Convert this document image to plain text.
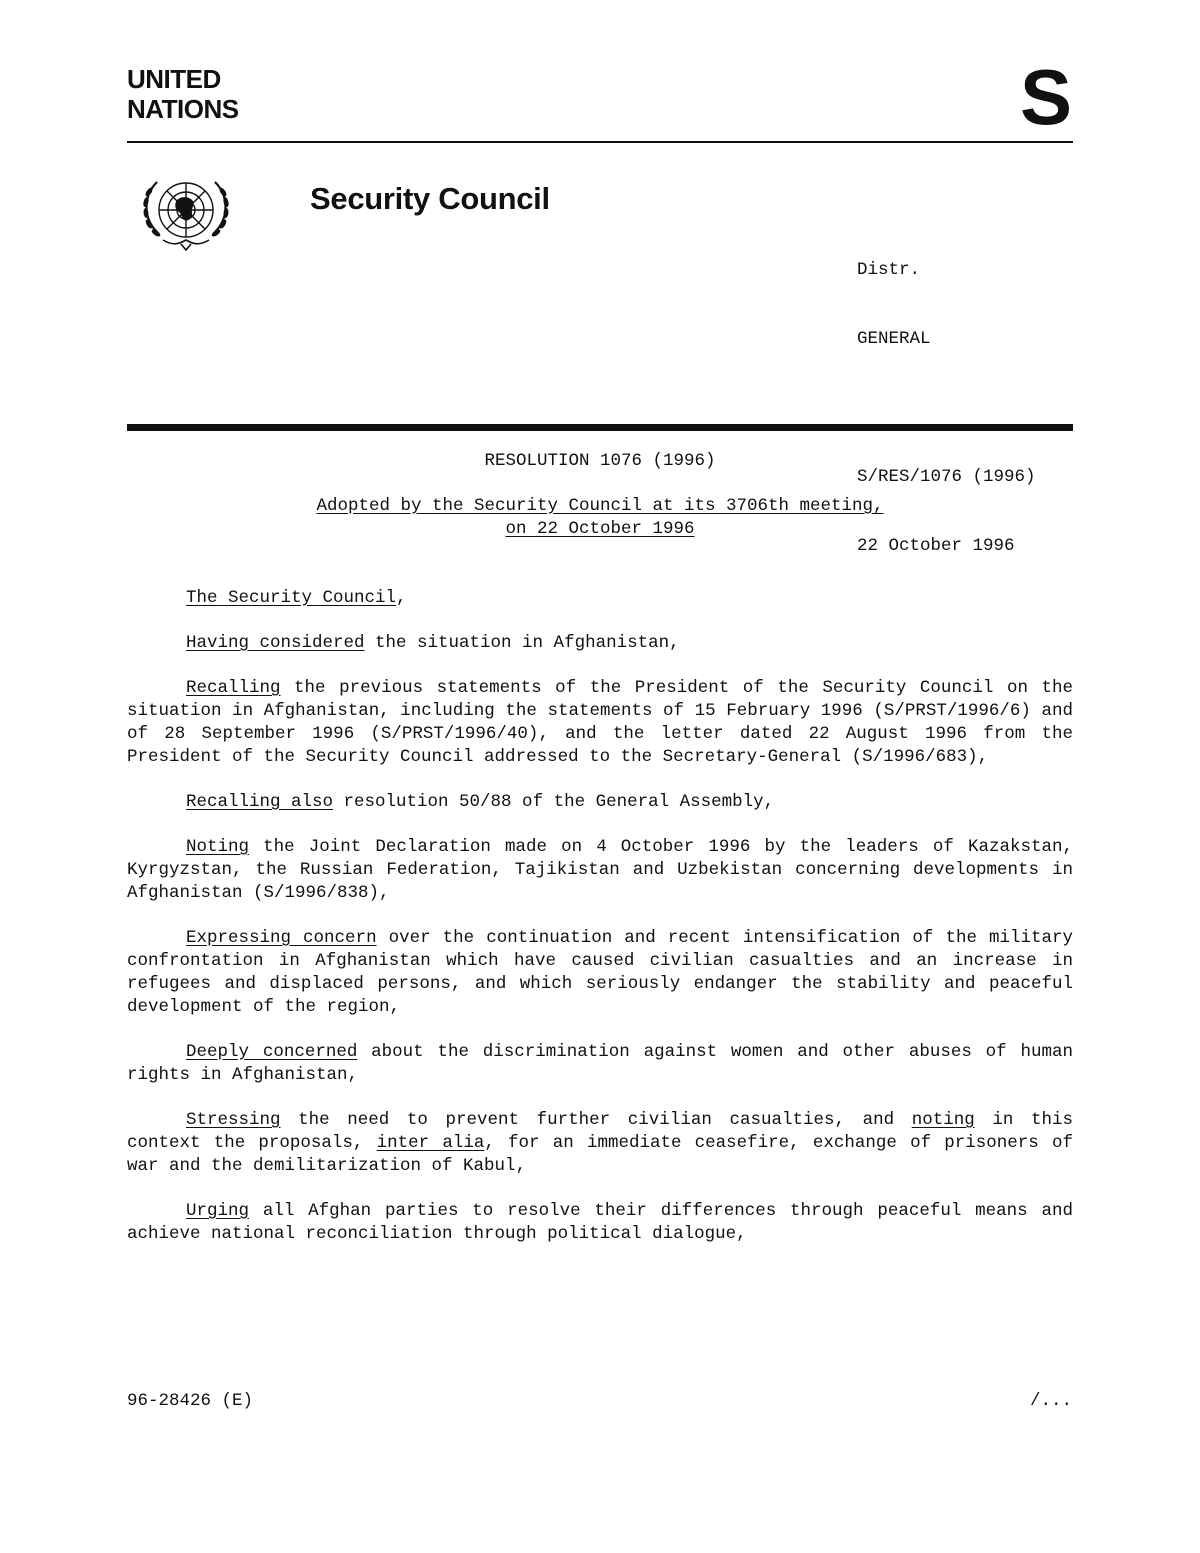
UNITED
NATIONS	S
Security Council

Distr.

GENERAL

S/RES/1076 (1996)

22 October 1996

RESOLUTION 1076 (1996)
Adopted by the Security Council at its 3706th meeting,
on 22 October 1996

The Security Council,

Having considered the situation in Afghanistan,

Recalling the previous statements of the President of the Security Council on the situation in Afghanistan, including the statements of 15 February 1996 (S/PRST/1996/6) and of 28 September 1996 (S/PRST/1996/40), and the letter dated 22 August 1996 from the President of the Security Council addressed to the Secretary-General (S/1996/683),

Recalling also resolution 50/88 of the General Assembly,

Noting the Joint Declaration made on 4 October 1996 by the leaders of Kazakstan, Kyrgyzstan, the Russian Federation, Tajikistan and Uzbekistan concerning developments in Afghanistan (S/1996/838),

Expressing concern over the continuation and recent intensification of the military confrontation in Afghanistan which have caused civilian casualties and an increase in refugees and displaced persons, and which seriously endanger the stability and peaceful development of the region,

Deeply concerned about the discrimination against women and other abuses of human rights in Afghanistan,

Stressing the need to prevent further civilian casualties, and noting in this context the proposals, inter alia, for an immediate ceasefire, exchange of prisoners of war and the demilitarization of Kabul,

Urging all Afghan parties to resolve their differences through peaceful means and achieve national reconciliation through political dialogue,

96-28426 (E)	/...
